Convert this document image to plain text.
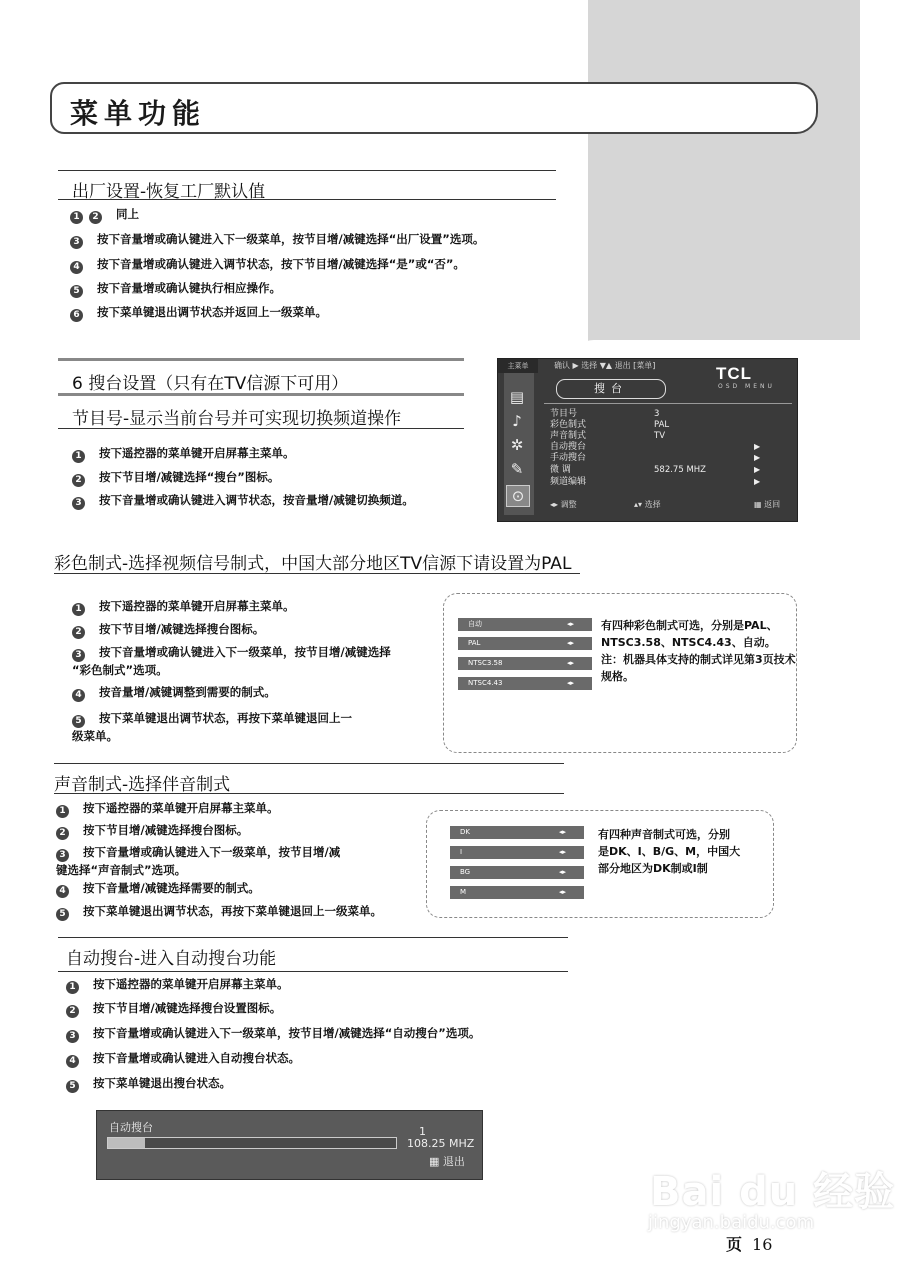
菜单功能
出厂设置-恢复工厂默认值
1 2 同上
3 按下音量增或确认键进入下一级菜单，按节目增/减键选择“出厂设置”选项。
4 按下音量增或确认键进入调节状态，按下节目增/减键选择“是”或“否”。
5 按下音量增或确认键执行相应操作。
6 按下菜单键退出调节状态并返回上一级菜单。
6 搜台设置（只有在TV信源下可用）
节目号-显示当前台号并可实现切换频道操作
1 按下遥控器的菜单键开启屏幕主菜单。
2 按下节目增/减键选择“搜台”图标。
3 按下音量增或确认键进入调节状态，按音量增/减键切换频道。
主菜单	确认 ▶ 选择 ▼▲ 退出 [菜单]
▤
♪
✲
✎
⊙
TCL
OSD MENU
搜台
节目号	3
彩色制式	PAL
声音制式	TV
自动搜台	▶
手动搜台	▶
微 调	582.75 MHZ	▶
频道编辑	▶
◂▸ 调整	▴▾ 选择	▦ 返回
彩色制式-选择视频信号制式，中国大部分地区TV信源下请设置为PAL
1 按下遥控器的菜单键开启屏幕主菜单。
2 按下节目增/减键选择搜台图标。
3 按下音量增或确认键进入下一级菜单，按节目增/减键选择
“彩色制式”选项。
4 按音量增/减键调整到需要的制式。
5 按下菜单键退出调节状态，再按下菜单键退回上一
级菜单。
自动	◂▸
PAL	◂▸
NTSC3.58	◂▸
NTSC4.43	◂▸
有四种彩色制式可选，分别是PAL、
NTSC3.58、NTSC4.43、自动。
注：机器具体支持的制式详见第3页技术
规格。
声音制式-选择伴音制式
1 按下遥控器的菜单键开启屏幕主菜单。
2 按下节目增/减键选择搜台图标。
3 按下音量增或确认键进入下一级菜单，按节目增/减
键选择“声音制式”选项。
4 按下音量增/减键选择需要的制式。
5 按下菜单键退出调节状态，再按下菜单键退回上一级菜单。
DK	◂▸
I	◂▸
BG	◂▸
M	◂▸
有四种声音制式可选，分别
是DK、I、B/G、M，中国大
部分地区为DK制或I制
自动搜台-进入自动搜台功能
1 按下遥控器的菜单键开启屏幕主菜单。
2 按下节目增/减键选择搜台设置图标。
3 按下音量增或确认键进入下一级菜单，按节目增/减键选择“自动搜台”选项。
4 按下音量增或确认键进入自动搜台状态。
5 按下菜单键退出搜台状态。
自动搜台	1
108.25 MHZ
▦ 退出
Bai du 经验
jingyan.baidu.com
页 16
